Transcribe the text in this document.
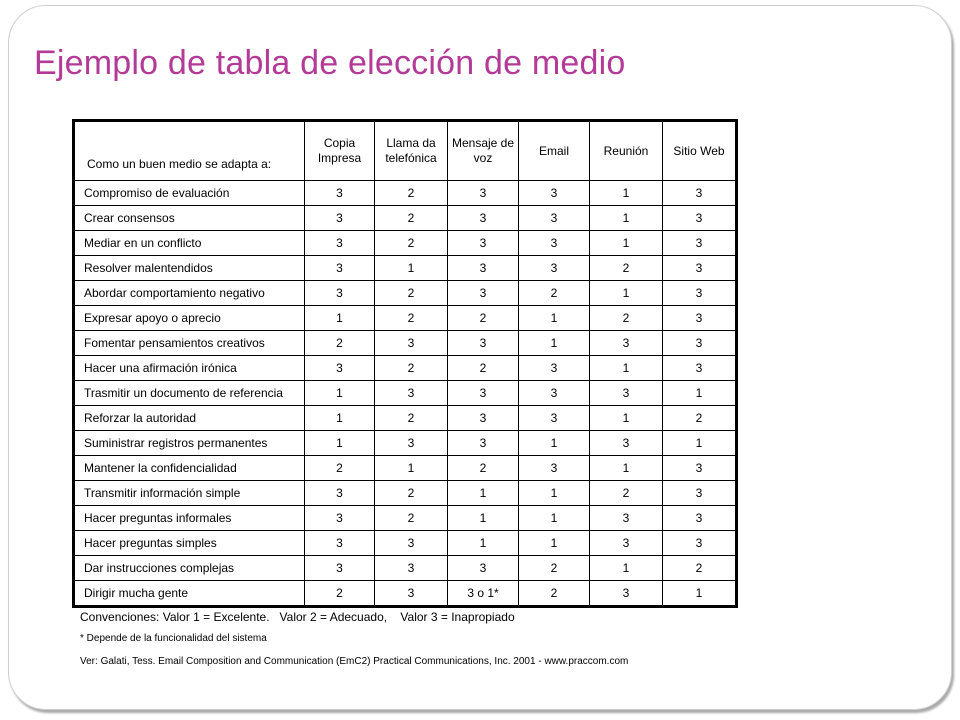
Ejemplo de tabla de elección de medio
Como un buen medio se adapta a:	Copia Impresa	Llama da telefónica	Mensaje de voz	Email	Reunión	Sitio Web
Compromiso de evaluación	3	2	3	3	1	3
Crear consensos	3	2	3	3	1	3
Mediar en un conflicto	3	2	3	3	1	3
Resolver malentendidos	3	1	3	3	2	3
Abordar comportamiento negativo	3	2	3	2	1	3
Expresar apoyo o aprecio	1	2	2	1	2	3
Fomentar pensamientos creativos	2	3	3	1	3	3
Hacer una afirmación irónica	3	2	2	3	1	3
Trasmitir un documento de referencia	1	3	3	3	3	1
Reforzar la autoridad	1	2	3	3	1	2
Suministrar registros permanentes	1	3	3	1	3	1
Mantener la confidencialidad	2	1	2	3	1	3
Transmitir información simple	3	2	1	1	2	3
Hacer preguntas informales	3	2	1	1	3	3
Hacer preguntas simples	3	3	1	1	3	3
Dar instrucciones complejas	3	3	3	2	1	2
Dirigir mucha gente	2	3	3 o 1*	2	3	1
Convenciones: Valor 1 = Excelente.   Valor 2 = Adecuado,    Valor 3 = Inapropiado
* Depende de la funcionalidad del sistema
Ver: Galati, Tess. Email Composition and Communication (EmC2) Practical Communications, Inc. 2001 - www.praccom.com
